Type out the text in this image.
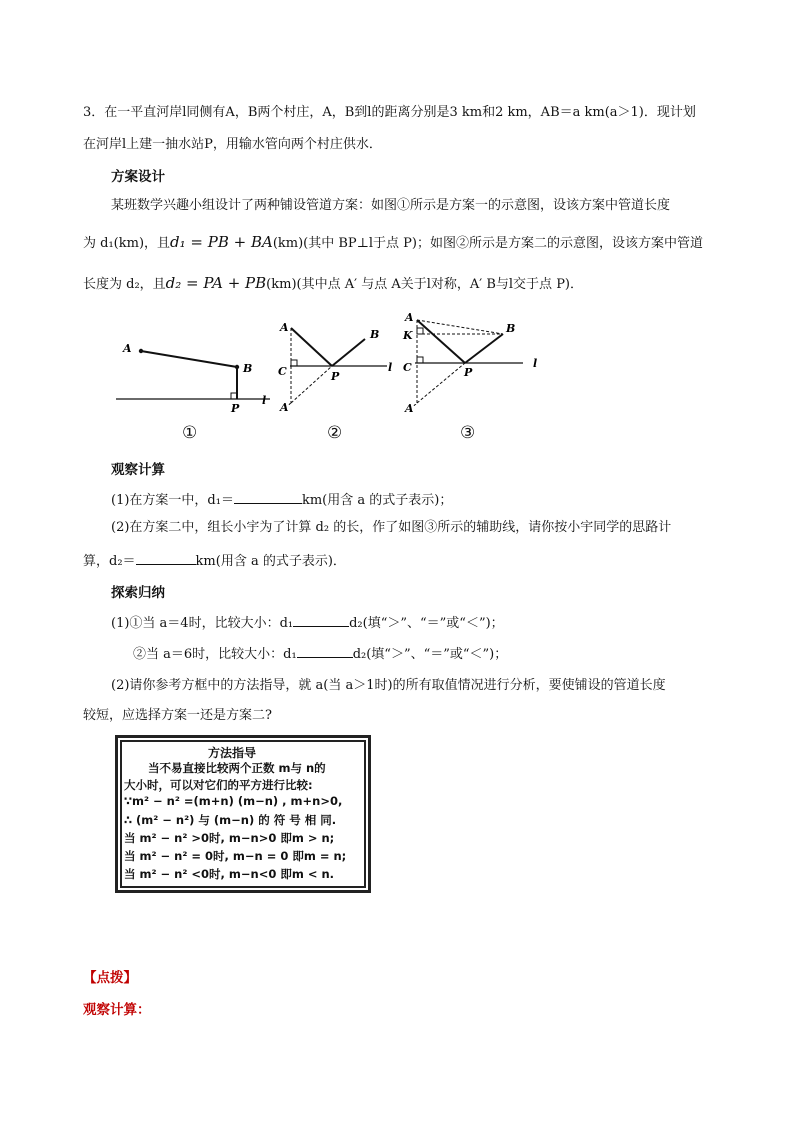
3．在一平直河岸l同侧有A，B两个村庄，A，B到l的距离分别是3 km和2 km，AB＝a km(a＞1)．现计划
在河岸l上建一抽水站P，用输水管向两个村庄供水．
方案设计
某班数学兴趣小组设计了两种铺设管道方案：如图①所示是方案一的示意图，设该方案中管道长度
为 d₁(km)，且d₁ = PB + BA(km)(其中 BP⊥l于点 P)；如图②所示是方案二的示意图，设该方案中管道
长度为 d₂，且d₂ = PA + PB(km)(其中点 A′ 与点 A关于l对称，A′ B与l交于点 P)．
A
B
P
l
①
A
B
C	P
l
A′
②
A
B
K
C	P
l
A′
③
观察计算
(1)在方案一中，d₁＝	km(用含 a 的式子表示)；
(2)在方案二中，组长小宇为了计算 d₂ 的长，作了如图③所示的辅助线，请你按小宇同学的思路计
算，d₂＝	km(用含 a 的式子表示)．
探索归纳
(1)①当 a＝4时，比较大小：d₁	d₂(填“＞”、“＝”或“＜”)；
②当 a＝6时，比较大小：d₁	d₂(填“＞”、“＝”或“＜”)；
(2)请你参考方框中的方法指导，就 a(当 a＞1时)的所有取值情况进行分析，要使铺设的管道长度
较短，应选择方案一还是方案二?
方法指导
当不易直接比较两个正数 m与 n的
大小时，可以对它们的平方进行比较:
∵m² − n² =(m+n) (m−n) , m+n>0,
∴ (m² − n²) 与 (m−n) 的 符 号 相 同.
当 m² − n² >0时, m−n>0 即m > n;
当 m² − n² = 0时, m−n = 0 即m = n;
当 m² − n² <0时, m−n<0 即m < n.
【点拨】
观察计算：
